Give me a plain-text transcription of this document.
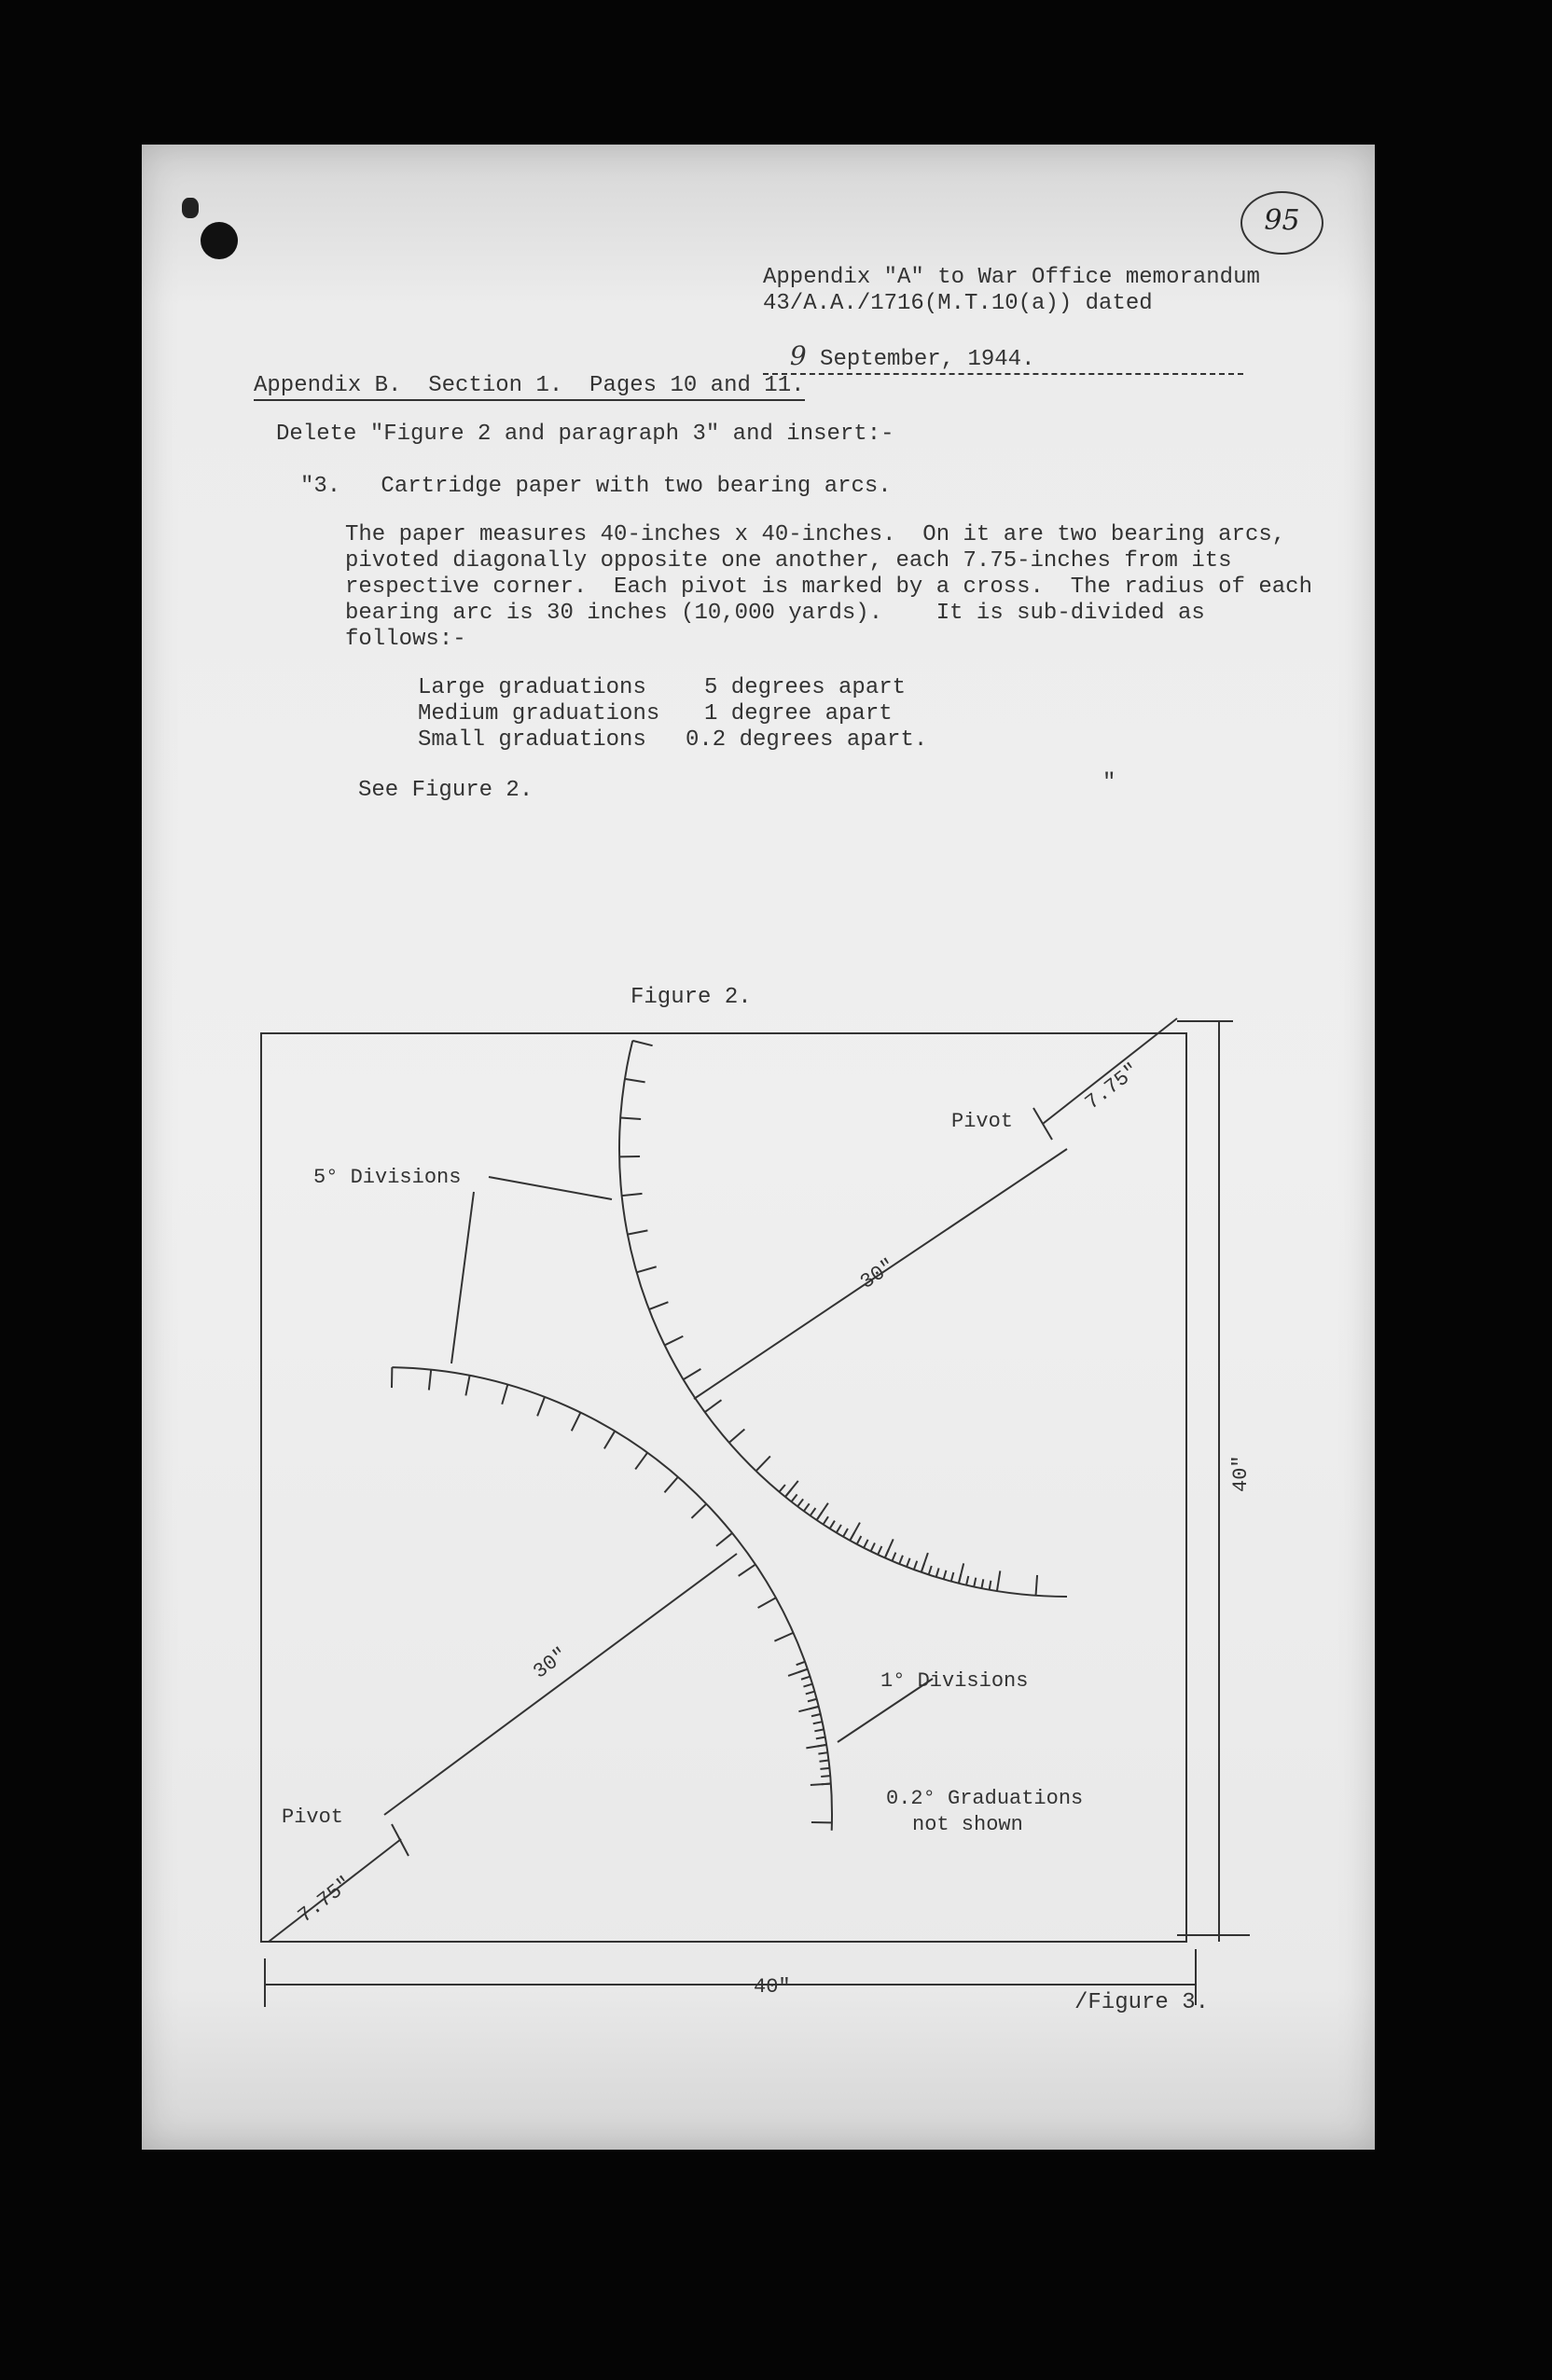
95
Appendix "A" to War Office memorandum
43/A.A./1716(M.T.10(a)) dated

9 September, 1944.

Appendix B.  Section 1.  Pages 10 and 11.
Delete "Figure 2 and paragraph 3" and insert:-
"3.   Cartridge paper with two bearing arcs.
The paper measures 40-inches x 40-inches.  On it are two bearing arcs,
pivoted diagonally opposite one another, each 7.75-inches from its
respective corner.  Each pivot is marked by a cross.  The radius of each
bearing arc is 30 inches (10,000 yards).    It is sub-divided as
follows:-
Large graduations	5 degrees apart
Medium graduations 1 degree apart
Small graduations 0.2 degrees apart.
See Figure 2.	"
Figure 2.
5° Divisions
1° Divisions
0.2° Graduations
not shown
Pivot
Pivot
40"
40"
30"
30"
7.75"
7.75"
/Figure 3.
